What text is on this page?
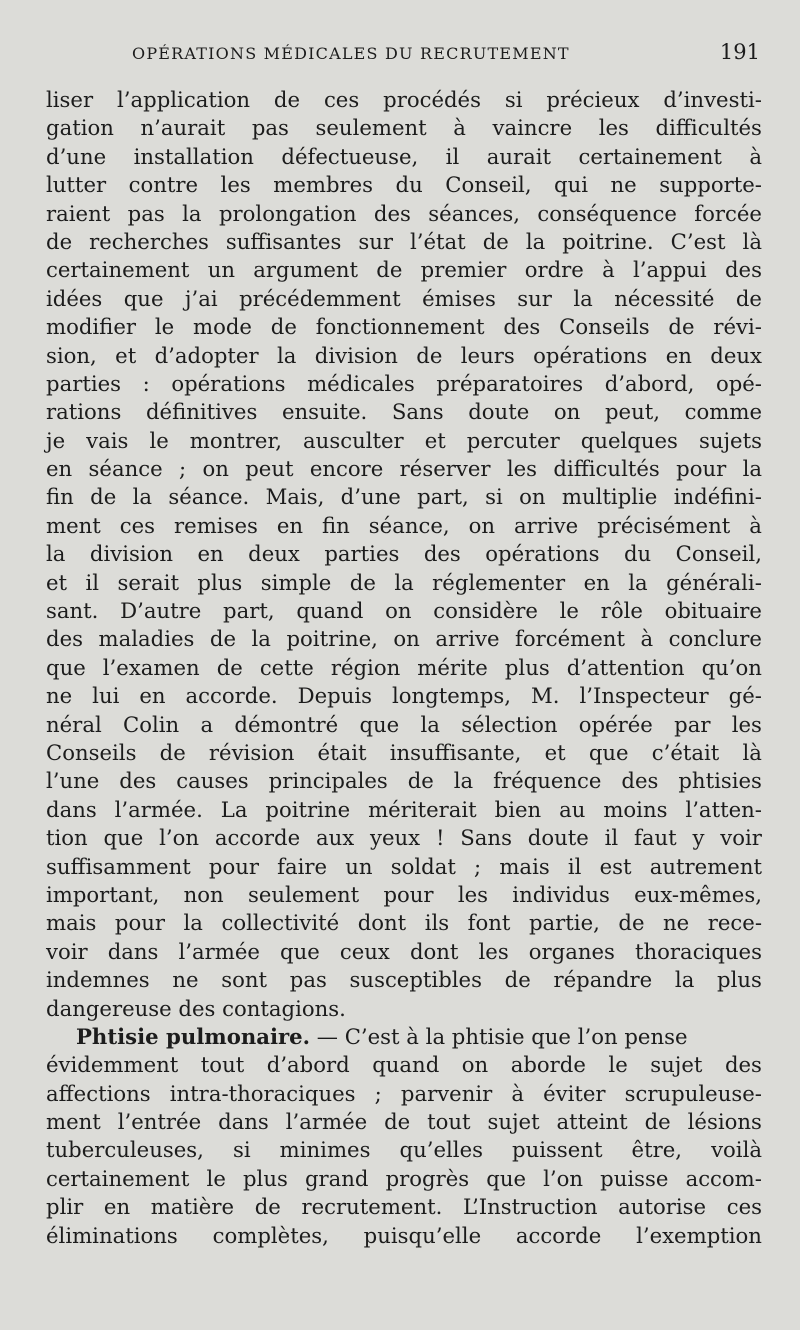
OPÉRATIONS MÉDICALES DU RECRUTEMENT	191
liser l’application de ces procédés si précieux d’investi-
gation n’aurait pas seulement à vaincre les difficultés
d’une installation défectueuse, il aurait certainement à
lutter contre les membres du Conseil, qui ne supporte-
raient pas la prolongation des séances, conséquence forcée
de recherches suffisantes sur l’état de la poitrine. C’est là
certainement un argument de premier ordre à l’appui des
idées que j’ai précédemment émises sur la nécessité de
modifier le mode de fonctionnement des Conseils de révi-
sion, et d’adopter la division de leurs opérations en deux
parties : opérations médicales préparatoires d’abord, opé-
rations définitives ensuite. Sans doute on peut, comme
je vais le montrer, ausculter et percuter quelques sujets
en séance ; on peut encore réserver les difficultés pour la
fin de la séance. Mais, d’une part, si on multiplie indéfini-
ment ces remises en fin séance, on arrive précisément à
la division en deux parties des opérations du Conseil,
et il serait plus simple de la réglementer en la générali-
sant. D’autre part, quand on considère le rôle obituaire
des maladies de la poitrine, on arrive forcément à conclure
que l’examen de cette région mérite plus d’attention qu’on
ne lui en accorde. Depuis longtemps, M. l’Inspecteur gé-
néral Colin a démontré que la sélection opérée par les
Conseils de révision était insuffisante, et que c’était là
l’une des causes principales de la fréquence des phtisies
dans l’armée. La poitrine mériterait bien au moins l’atten-
tion que l’on accorde aux yeux ! Sans doute il faut y voir
suffisamment pour faire un soldat ; mais il est autrement
important, non seulement pour les individus eux-mêmes,
mais pour la collectivité dont ils font partie, de ne rece-
voir dans l’armée que ceux dont les organes thoraciques
indemnes ne sont pas susceptibles de répandre la plus
dangereuse des contagions.
Phtisie pulmonaire. — C’est à la phtisie que l’on pense
évidemment tout d’abord quand on aborde le sujet des
affections intra-thoraciques ; parvenir à éviter scrupuleuse-
ment l’entrée dans l’armée de tout sujet atteint de lésions
tuberculeuses, si minimes qu’elles puissent être, voilà
certainement le plus grand progrès que l’on puisse accom-
plir en matière de recrutement. L’Instruction autorise ces
éliminations complètes, puisqu’elle accorde l’exemption
